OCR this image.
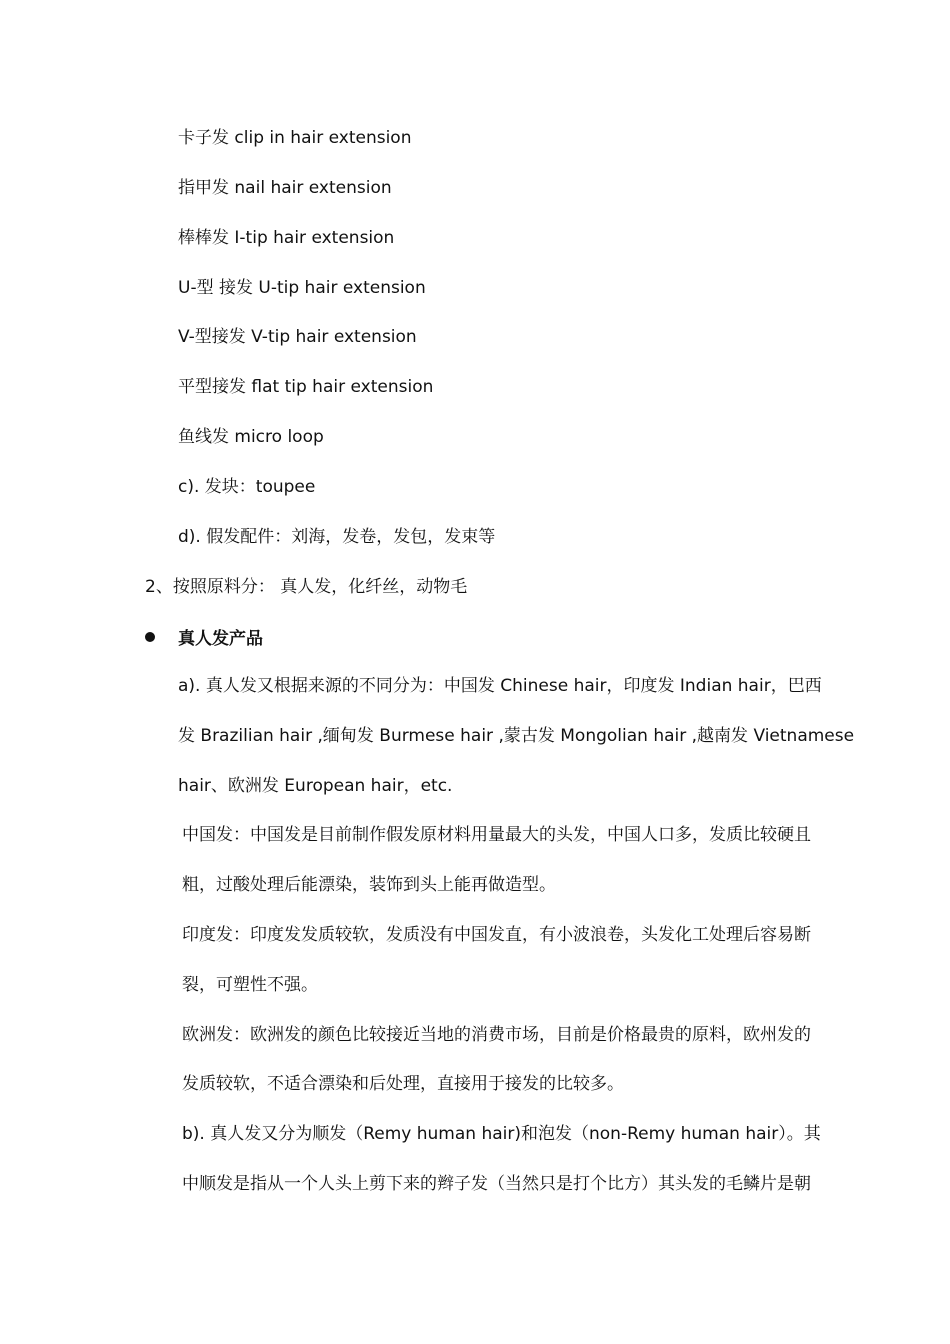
卡子发 clip in hair extension
指甲发 nail hair extension
棒棒发 I-tip hair extension
U-型 接发 U-tip hair extension
V-型接发 V-tip hair extension
平型接发 flat tip hair extension
鱼线发 micro loop
c). 发块：toupee
d). 假发配件：刘海，发卷，发包，发束等
2、按照原料分： 真人发，化纤丝，动物毛
真人发产品
a). 真人发又根据来源的不同分为：中国发 Chinese hair，印度发 Indian hair，巴西
发 Brazilian hair ,缅甸发 Burmese hair ,蒙古发 Mongolian hair ,越南发 Vietnamese
hair、欧洲发 European hair，etc.
中国发：中国发是目前制作假发原材料用量最大的头发，中国人口多，发质比较硬且
粗，过酸处理后能漂染，装饰到头上能再做造型。
印度发：印度发发质较软，发质没有中国发直，有小波浪卷，头发化工处理后容易断
裂，可塑性不强。
欧洲发：欧洲发的颜色比较接近当地的消费市场，目前是价格最贵的原料，欧州发的
发质较软，不适合漂染和后处理，直接用于接发的比较多。
b). 真人发又分为顺发（Remy human hair)和泡发（non-Remy human hair）。其
中顺发是指从一个人头上剪下来的辫子发（当然只是打个比方）其头发的毛鳞片是朝
